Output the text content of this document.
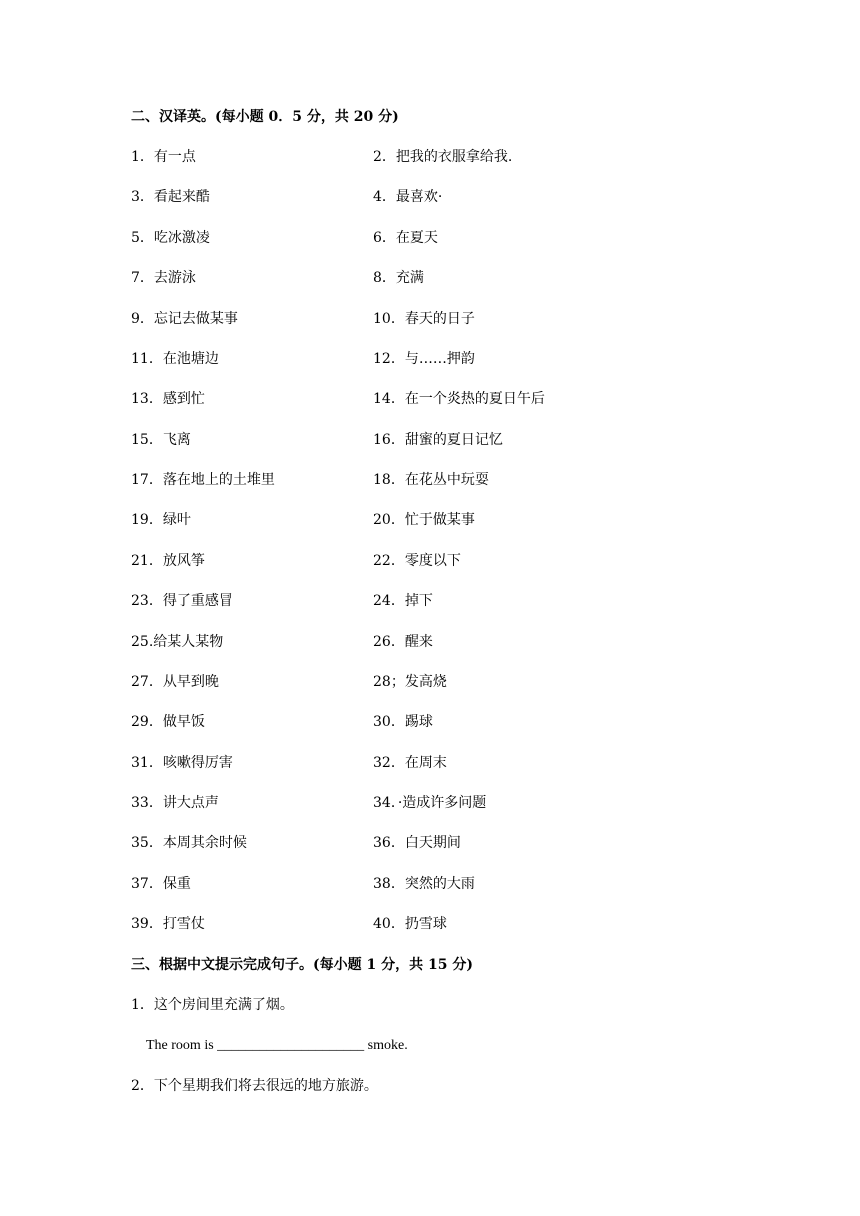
二、汉译英。(每小题 0．5 分，共 20 分)
1．有一点	2．把我的衣服拿给我.
3．看起来酷	4．最喜欢·
5．吃冰激凌	6．在夏天
7．去游泳	8．充满
9．忘记去做某事	10．春天的日子
11．在池塘边	12．与……押韵
13．感到忙	14．在一个炎热的夏日午后
15．飞离	16．甜蜜的夏日记忆
17．落在地上的土堆里	18．在花丛中玩耍
19．绿叶	20．忙于做某事
21．放风筝	22．零度以下
23．得了重感冒	24．掉下
25.给某人某物	26．醒来
27．从早到晚	28；发高烧
29．做早饭	30．踢球
31．咳嗽得厉害	32．在周末
33．讲大点声	34．·造成许多问题
35．本周其余时候	36．白天期间
37．保重	38．突然的大雨
39．打雪仗	40．扔雪球
三、根据中文提示完成句子。(每小题 1 分，共 15 分)
1．这个房间里充满了烟。
The room is _____________________ smoke.
2．下个星期我们将去很远的地方旅游。
